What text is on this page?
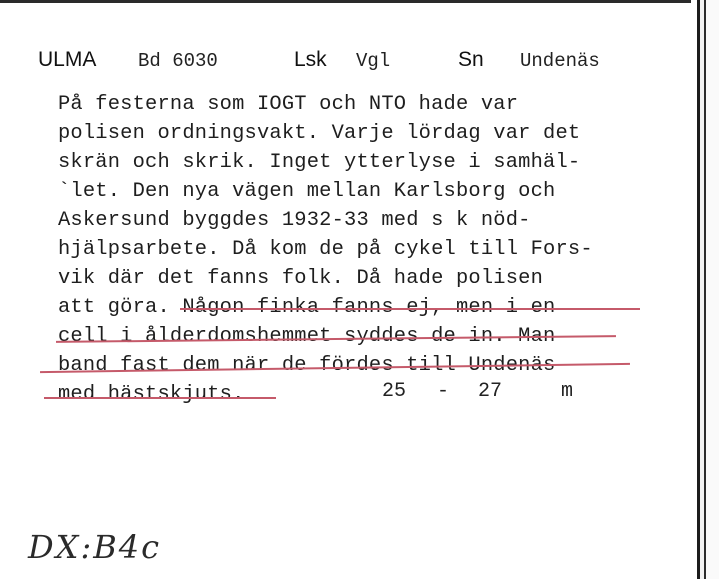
ULMA Bd 6030	Lsk Vgl	Sn Undenäs
På festerna som IOGT och NTO hade var
polisen ordningsvakt. Varje lördag var det
skrän och skrik. Inget ytterlyse i samhäl-
`let. Den nya vägen mellan Karlsborg och
Askersund byggdes 1932-33 med s k nöd-
hjälpsarbete. Då kom de på cykel till Fors-
vik där det fanns folk. Då hade polisen
att göra. Någon finka fanns ej, men i en
cell i ålderdomshemmet syddes de in. Man
band fast dem när de fördes till Undenäs
med hästskjuts.	25 - 27	m
DX:B4c
